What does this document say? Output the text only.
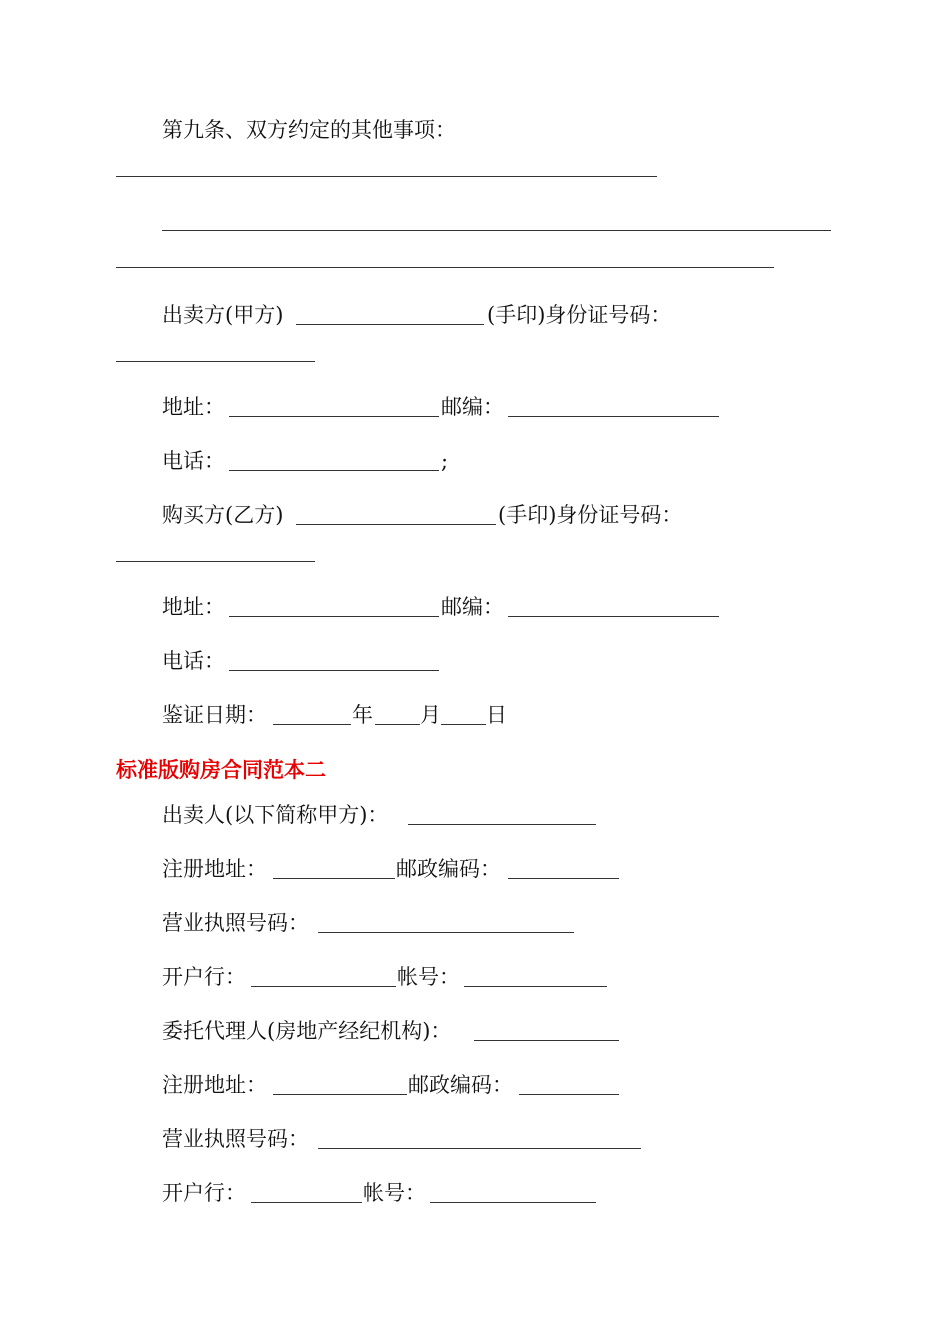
第九条、双方约定的其他事项：
出卖方(甲方)	(手印)身份证号码：
地址：	邮编：
电话：	;
购买方(乙方)	(手印)身份证号码：
地址：	邮编：
电话：
鉴证日期：	年 月 日
标准版购房合同范本二
出卖人(以下简称甲方)：
注册地址：	邮政编码：
营业执照号码：
开户行：	帐号：
委托代理人(房地产经纪机构)：
注册地址：	邮政编码：
营业执照号码：
开户行：	帐号：
